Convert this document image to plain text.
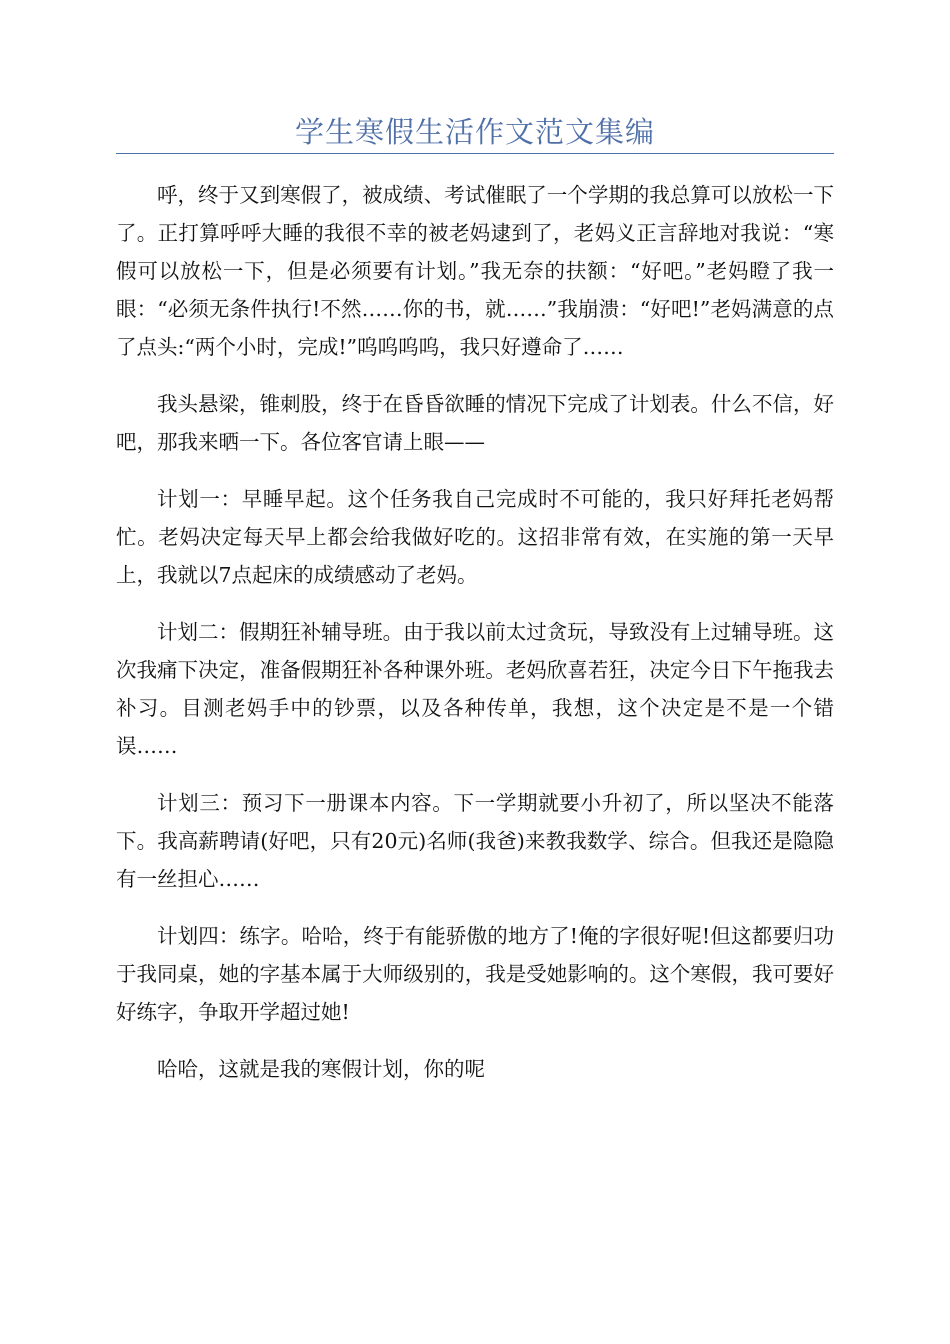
学生寒假生活作文范文集编

呼，终于又到寒假了，被成绩、考试催眠了一个学期的我总算可以放松一下了。正打算呼呼大睡的我很不幸的被老妈逮到了，老妈义正言辞地对我说：“寒假可以放松一下，但是必须要有计划。”我无奈的扶额：“好吧。”老妈瞪了我一眼：“必须无条件执行!不然……你的书，就……”我崩溃：“好吧!”老妈满意的点了点头:“两个小时，完成!”呜呜呜呜，我只好遵命了……

我头悬梁，锥刺股，终于在昏昏欲睡的情况下完成了计划表。什么不信，好吧，那我来晒一下。各位客官请上眼——

计划一：早睡早起。这个任务我自己完成时不可能的，我只好拜托老妈帮忙。老妈决定每天早上都会给我做好吃的。这招非常有效，在实施的第一天早上，我就以7点起床的成绩感动了老妈。

计划二：假期狂补辅导班。由于我以前太过贪玩，导致没有上过辅导班。这次我痛下决定，准备假期狂补各种课外班。老妈欣喜若狂，决定今日下午拖我去补习。目测老妈手中的钞票，以及各种传单，我想，这个决定是不是一个错误……

计划三：预习下一册课本内容。下一学期就要小升初了，所以坚决不能落下。我高薪聘请(好吧，只有20元)名师(我爸)来教我数学、综合。但我还是隐隐有一丝担心……

计划四：练字。哈哈，终于有能骄傲的地方了!俺的字很好呢!但这都要归功于我同桌，她的字基本属于大师级别的，我是受她影响的。这个寒假，我可要好好练字，争取开学超过她!

哈哈，这就是我的寒假计划，你的呢
